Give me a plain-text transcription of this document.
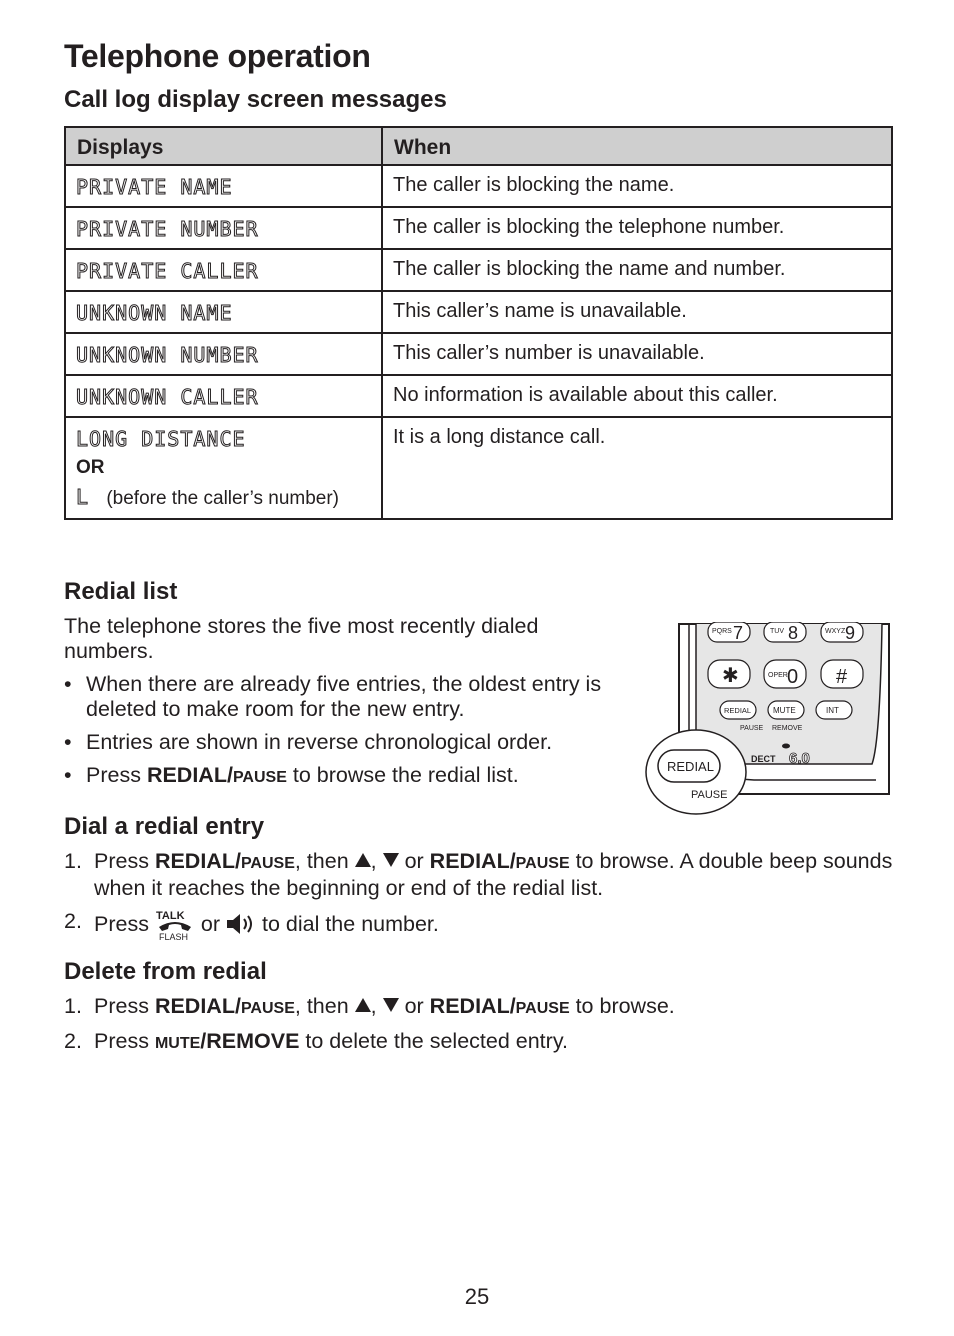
Telephone operation
Call log display screen messages
Displays	When

PRIVATE NAME	The caller is blocking the name.

PRIVATE NUMBER	The caller is blocking the telephone number.

PRIVATE CALLER	The caller is blocking the name and number.

UNKNOWN NAME	This caller’s name is unavailable.

UNKNOWN NUMBER	This caller’s number is unavailable.

UNKNOWN CALLER	No information is available about this caller.

LONG DISTANCE
OR
L (before the caller’s number)	It is a long distance call.
Redial list

The telephone stores the five most recently dialed numbers.

• When there are already five entries, the oldest entry is deleted to make room for the new entry.
• Entries are shown in reverse chronological order.
• Press REDIAL/PAUSE to browse the redial list.
PQRS 7	TUV 8	WXYZ 9
✱	OPER 0 #
REDIAL	MUTE	INT
PAUSE REMOVE
DECT 6.0
REDIAL
PAUSE
Dial a redial entry
1. Press REDIAL/PAUSE, then ,  or REDIAL/PAUSE to browse. A double beep sounds when it reaches the beginning or end of the redial list.
2. Press TALK
FLASH
or  to dial the number.
Delete from redial
1. Press REDIAL/PAUSE, then ,  or REDIAL/PAUSE to browse.
2. Press MUTE/REMOVE to delete the selected entry.

25
